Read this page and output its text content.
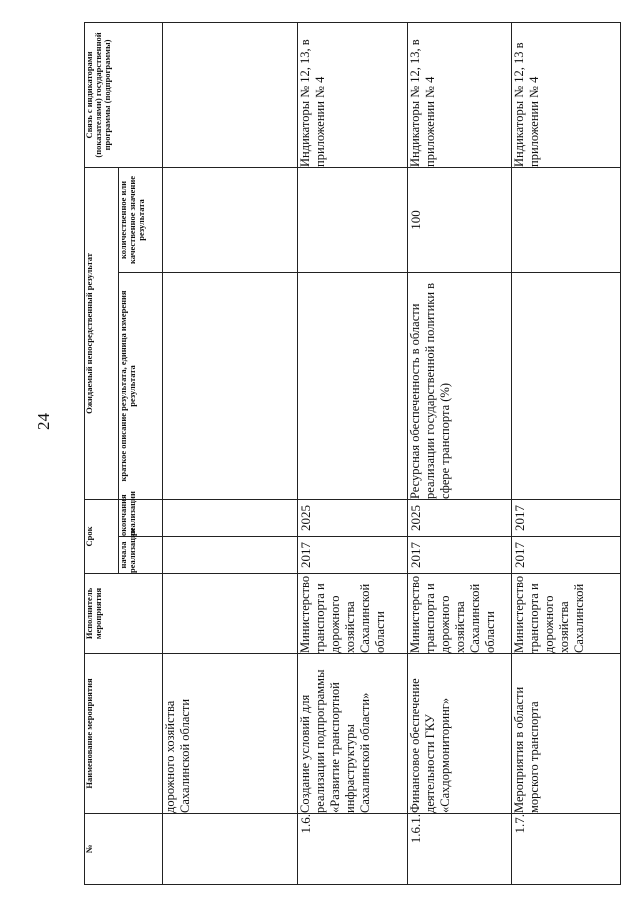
24
№	Наименование мероприятия	Исполнитель мероприятия	Срок		Ожидаемый непосредственный результат		Связь с индикаторами (показателями) государственной программы (подпрограммы)
			начала реализации	окончания реализации	краткое описание результата, единица измерения результата	количественное или качественное значение результата	
	дорожного хозяйства Сахалинской области						
1.6.	Создание условий для реализации подпрограммы «Развитие транспортной инфраструктуры Сахалинской области»	Министерство транспорта и дорожного хозяйства Сахалинской области	2017	2025			Индикаторы № 12, 13, в приложении № 4
1.6.1.	Финансовое обеспечение деятельности ГКУ «Сахдормониторинг»	Министерство транспорта и дорожного хозяйства Сахалинской области	2017	2025	Ресурсная обеспеченность в области реализации государственной политики в сфере транспорта (%)	100	Индикаторы № 12, 13, в приложении № 4
1.7.	Мероприятия в области морского транспорта	Министерство транспорта и дорожного хозяйства Сахалинской	2017	2017			Индикаторы № 12, 13 в приложении № 4
